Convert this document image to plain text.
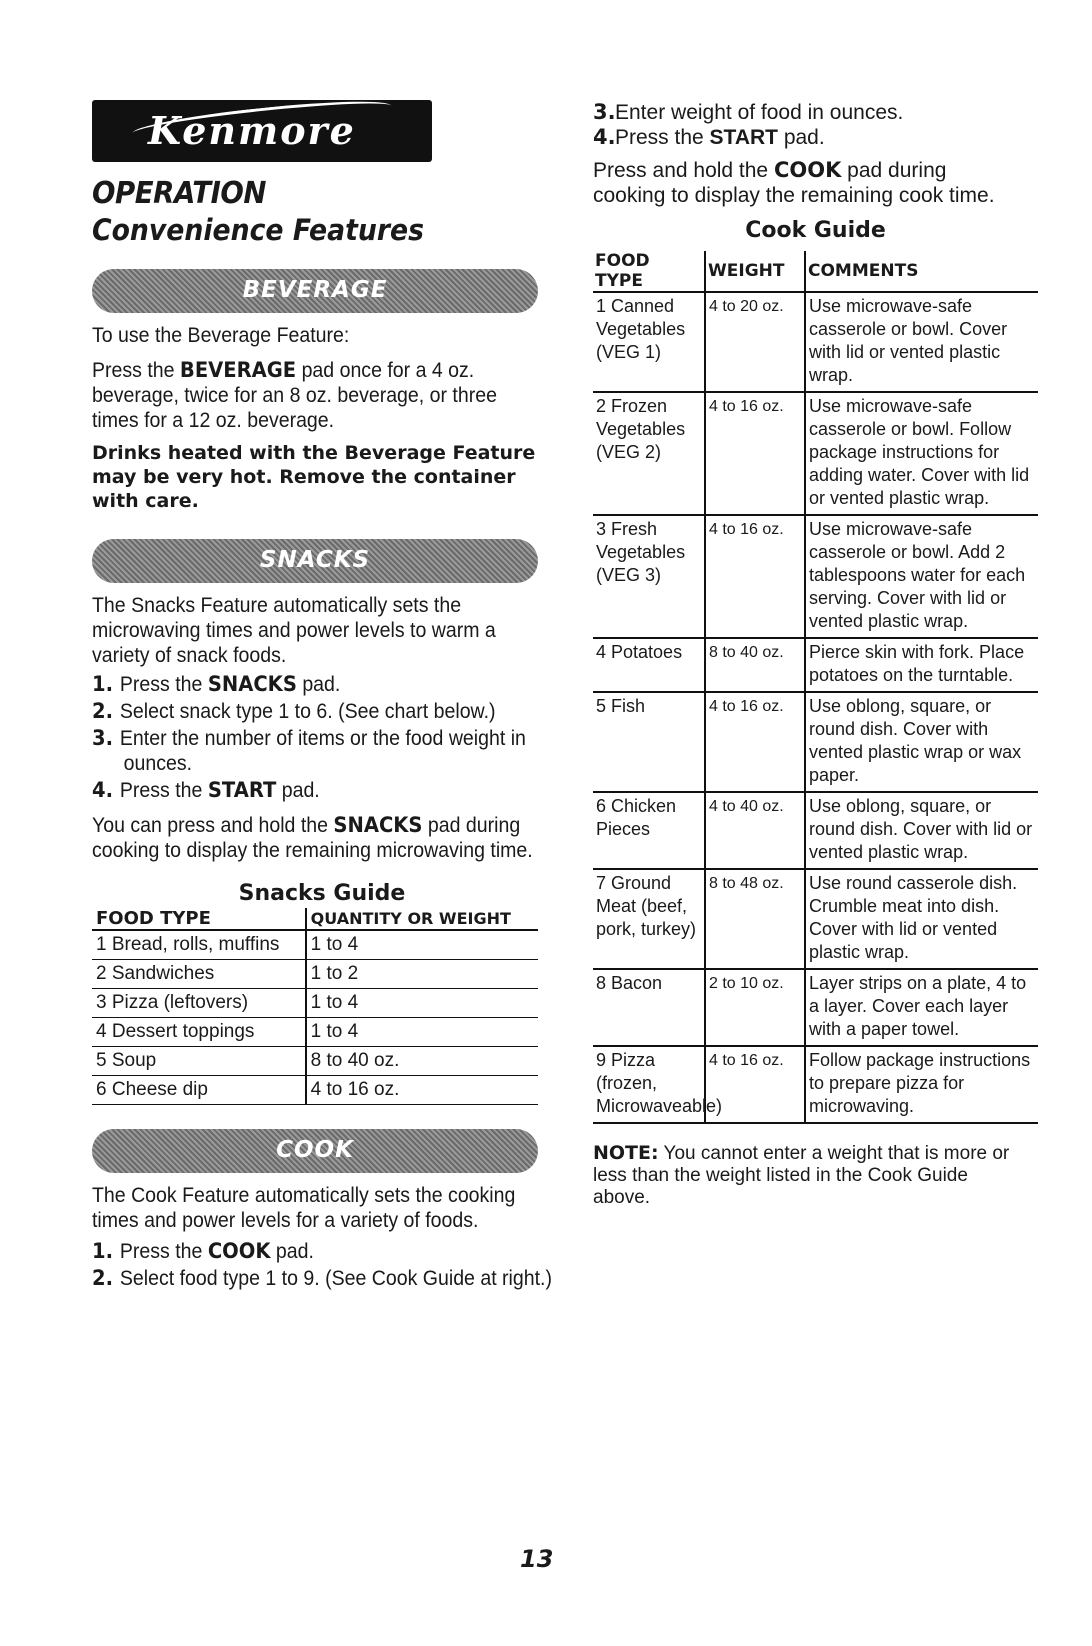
Kenmore
OPERATION
Convenience Features
BEVERAGE
To use the Beverage Feature:
Press the BEVERAGE pad once for a 4 oz. beverage, twice for an 8 oz. beverage, or three times for a 12 oz. beverage.
Drinks heated with the Beverage Feature may be very hot. Remove the container with care.
SNACKS
The Snacks Feature automatically sets the microwaving times and power levels to warm a variety of snack foods.
1. Press the SNACKS pad.
2. Select snack type 1 to 6. (See chart below.)
3. Enter the number of items or the food weight in ounces.
4. Press the START pad.
You can press and hold the SNACKS pad during cooking to display the remaining microwaving time.
Snacks Guide
FOOD TYPE	QUANTITY OR WEIGHT
1 Bread, rolls, muffins	1 to 4
2 Sandwiches	1 to 2
3 Pizza (leftovers)	1 to 4
4 Dessert toppings	1 to 4
5 Soup	8 to 40 oz.
6 Cheese dip	4 to 16 oz.
COOK
The Cook Feature automatically sets the cooking times and power levels for a variety of foods.
1. Press the COOK pad.
2. Select food type 1 to 9. (See Cook Guide at right.)
3.Enter weight of food in ounces.
4.Press the START pad.
Press and hold the COOK pad during cooking to display the remaining cook time.
Cook Guide
FOOD TYPE	WEIGHT	COMMENTS
1 Canned Vegetables (VEG 1)	4 to 20 oz.	Use microwave-safe casserole or bowl. Cover with lid or vented plastic wrap.
2 Frozen Vegetables (VEG 2)	4 to 16 oz.	Use microwave-safe casserole or bowl. Follow package instructions for adding water. Cover with lid or vented plastic wrap.
3 Fresh Vegetables (VEG 3)	4 to 16 oz.	Use microwave-safe casserole or bowl. Add 2 tablespoons water for each serving. Cover with lid or vented plastic wrap.
4 Potatoes	8 to 40 oz.	Pierce skin with fork. Place potatoes on the turntable.
5 Fish	4 to 16 oz.	Use oblong, square, or round dish. Cover with vented plastic wrap or wax paper.
6 Chicken Pieces	4 to 40 oz.	Use oblong, square, or round dish. Cover with lid or vented plastic wrap.
7 Ground Meat (beef, pork, turkey)	8 to 48 oz.	Use round casserole dish. Crumble meat into dish. Cover with lid or vented plastic wrap.
8 Bacon	2 to 10 oz.	Layer strips on a plate, 4 to a layer. Cover each layer with a paper towel.
9 Pizza (frozen, Microwaveable)	4 to 16 oz.	Follow package instructions to prepare pizza for microwaving.
NOTE: You cannot enter a weight that is more or less than the weight listed in the Cook Guide above.
13
